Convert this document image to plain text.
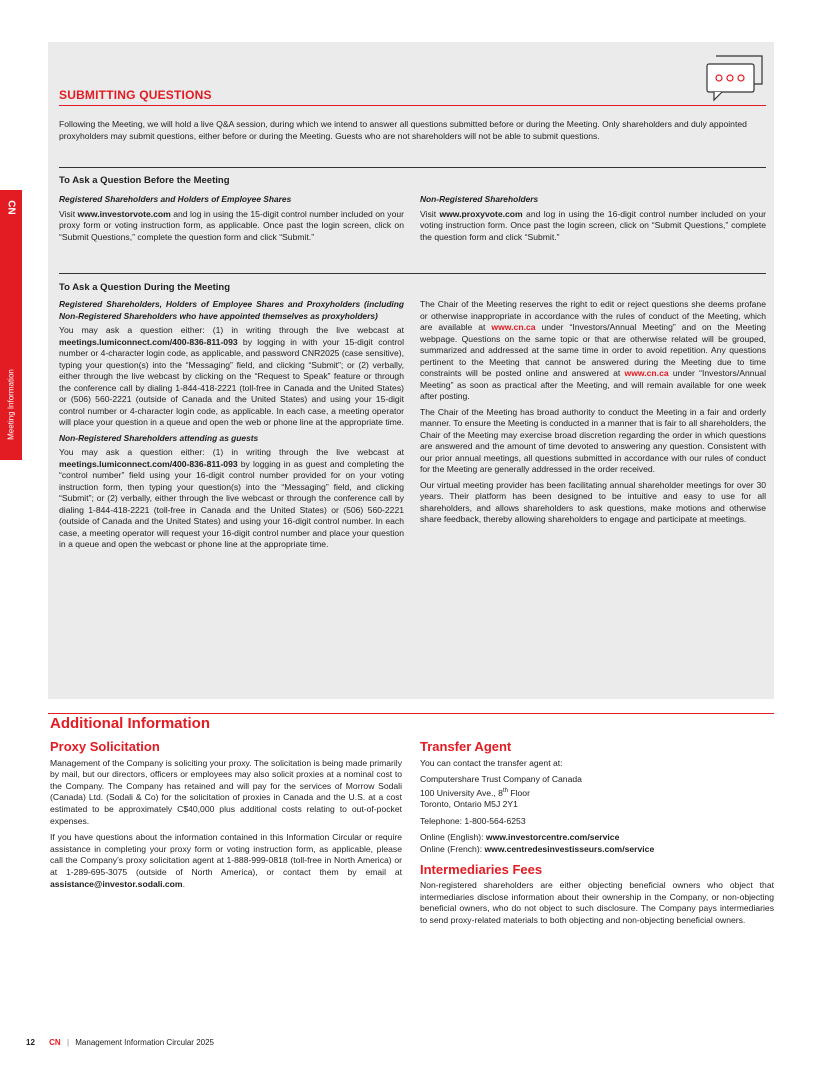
CN
Meeting Information
SUBMITTING QUESTIONS
Following the Meeting, we will hold a live Q&A session, during which we intend to answer all questions submitted before or during the Meeting. Only shareholders and duly appointed proxyholders may submit questions, either before or during the Meeting. Guests who are not shareholders will not be able to submit questions.
To Ask a Question Before the Meeting
Registered Shareholders and Holders of Employee Shares

Visit www.investorvote.com and log in using the 15-digit control number included on your proxy form or voting instruction form, as applicable. Once past the login screen, click on “Submit Questions,” complete the question form and click “Submit.”

Non-Registered Shareholders

Visit www.proxyvote.com and log in using the 16-digit control number included on your voting instruction form. Once past the login screen, click on “Submit Questions,” complete the question form and click “Submit.”

To Ask a Question During the Meeting
Registered Shareholders, Holders of Employee Shares and Proxyholders (including Non-Registered Shareholders who have appointed themselves as proxyholders)

You may ask a question either: (1) in writing through the live webcast at meetings.lumiconnect.com/400-836-811-093 by logging in with your 15-digit control number or 4-character login code, as applicable, and password CNR2025 (case sensitive), typing your question(s) into the “Messaging” field, and clicking “Submit”; or (2) verbally, either through the live webcast by clicking on the “Request to Speak” feature or through the conference call by dialing 1-844-418-2221 (toll-free in Canada and the United States) or (506) 560-2221 (outside of Canada and the United States) and using your 15-digit control number or 4-character login code, as applicable. In each case, a meeting operator will place your question in a queue and open the web or phone line at the appropriate time.

Non-Registered Shareholders attending as guests

You may ask a question either: (1) in writing through the live webcast at meetings.lumiconnect.com/400-836-811-093 by logging in as guest and completing the “control number” field using your 16-digit control number provided for on your voting instruction form, then typing your question(s) into the “Messaging” field, and clicking “Submit”; or (2) verbally, either through the live webcast or through the conference call by dialing 1-844-418-2221 (toll-free in Canada and the United States) or (506) 560-2221 (outside of Canada and the United States) and using your 16-digit control number. In each case, a meeting operator will request your 16-digit control number and place your question in a queue and open the webcast or phone line at the appropriate time.

The Chair of the Meeting reserves the right to edit or reject questions she deems profane or otherwise inappropriate in accordance with the rules of conduct of the Meeting, which are available at www.cn.ca under “Investors/Annual Meeting” and on the Meeting webpage. Questions on the same topic or that are otherwise related will be grouped, summarized and addressed at the same time in order to avoid repetition. Any questions pertinent to the Meeting that cannot be answered during the Meeting due to time constraints will be posted online and answered at www.cn.ca under “Investors/Annual Meeting” as soon as practical after the Meeting, and will remain available for one week after posting.

The Chair of the Meeting has broad authority to conduct the Meeting in a fair and orderly manner. To ensure the Meeting is conducted in a manner that is fair to all shareholders, the Chair of the Meeting may exercise broad discretion regarding the order in which questions are answered and the amount of time devoted to answering any question. Consistent with our prior annual meetings, all questions submitted in accordance with our rules of conduct for the Meeting are generally addressed in the order received.

Our virtual meeting provider has been facilitating annual shareholder meetings for over 30 years. Their platform has been designed to be intuitive and easy to use for all shareholders, and allows shareholders to ask questions, make motions and otherwise share feedback, thereby allowing shareholders to engage and participate at meetings.

Additional Information
Proxy Solicitation

Management of the Company is soliciting your proxy. The solicitation is being made primarily by mail, but our directors, officers or employees may also solicit proxies at a nominal cost to the Company. The Company has retained and will pay for the services of Morrow Sodali (Canada) Ltd. (Sodali & Co) for the solicitation of proxies in Canada and the U.S. at a cost estimated to be approximately C$40,000 plus additional costs relating to out-of-pocket expenses.

If you have questions about the information contained in this Information Circular or require assistance in completing your proxy form or voting instruction form, as applicable, please call the Company’s proxy solicitation agent at 1-888-999-0818 (toll-free in North America) or at 1-289-695-3075 (outside of North America), or contact them by email at assistance@investor.sodali.com.

Transfer Agent

You can contact the transfer agent at:

Computershare Trust Company of Canada
100 University Ave., 8th Floor

Toronto, Ontario M5J 2Y1

Telephone: 1-800-564-6253

Online (English): www.investorcentre.com/service
Online (French): www.centredesinvestisseurs.com/service
Intermediaries Fees

Non-registered shareholders are either objecting beneficial owners who object that intermediaries disclose information about their ownership in the Company, or non-objecting beneficial owners, who do not object to such disclosure. The Company pays intermediaries to send proxy-related materials to both objecting and non-objecting beneficial owners.

12 CN | Management Information Circular 2025
